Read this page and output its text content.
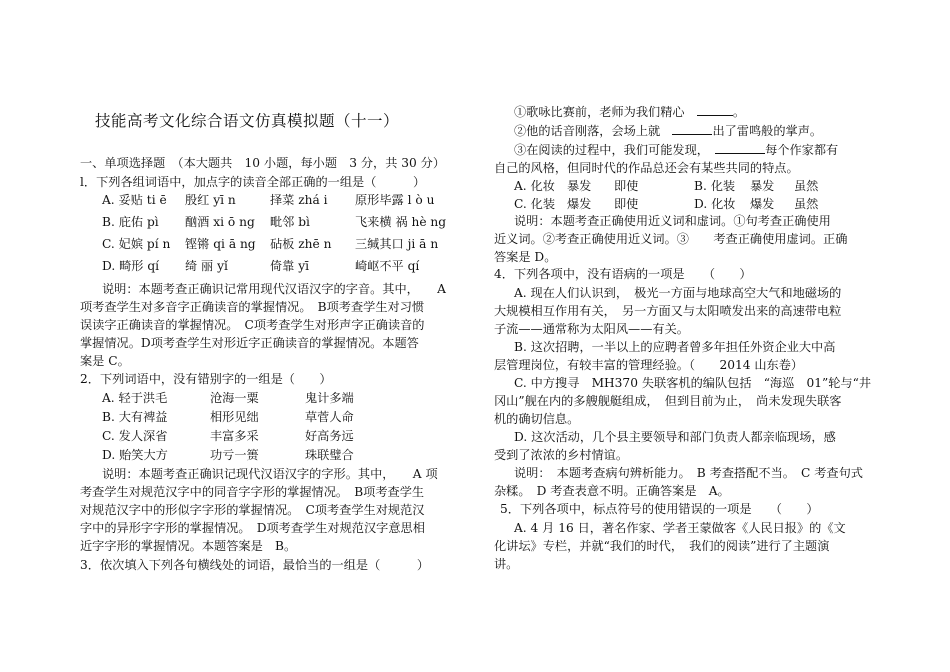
技能高考文化综合语文仿真模拟题（十一）
一、单项选择题　（本大题共　10 小题，每小题　3 分，共 30 分）
l．下列各组词语中，加点字的读音全部正确的一组是（　　　）
A. 妥贴 ti ē 殷红 yī n	择菜 zhá i 原形毕露 l ò u
B. 庇佑 pì 酗酒 xi ō ng 毗邻 bì	飞来横 祸 hè ng
C. 妃嫔 pí n 铿锵 qi ā ng 砧板 zhē n 三缄其口 ji ā n
D. 畸形 qí 绮 丽 yǐ	倚靠 yī	崎岖不平 qí
说明：本题考查正确识记常用现代汉语汉字的字音。其中，　　A
项考查学生对多音字正确读音的掌握情况。　B项考查学生对习惯
误读字正确读音的掌握情况。　C项考查学生对形声字正确读音的
掌握情况。D项考查学生对形近字正确读音的掌握情况。本题答
案是 C。
2．下列词语中，没有错别字的一组是（　　）
A. 轻于洪毛	沧海一粟	鬼计多端
B. 大有裨益	相形见绌	草菅人命
C. 发人深省	丰富多采	好高务远
D. 贻笑大方	功亏一篑	珠联璧合
说明：本题考查正确识记现代汉语汉字的字形。其中，　　A 项
考查学生对规范汉字中的同音字字形的掌握情况。　B项考查学生
对规范汉字中的形似字字形的掌握情况。　C项考查学生对规范汉
字中的异形字字形的掌握情况。　D项考查学生对规范汉字意思相
近字字形的掌握情况。本题答案是　B。
3．依次填入下列各句横线处的词语，最恰当的一组是（　　　）
①歌咏比赛前，老师为我们精心　	。
②他的话音刚落，会场上就　	出了雷鸣般的掌声。
③在阅读的过程中，我们可能发现，　	每个作家都有
自己的风格，但同时代的作品总还会有某些共同的特点。
A. 化妆 暴发 即使	B. 化装 暴发 虽然
C. 化装 爆发 即使	D. 化妆 爆发 虽然
说明：本题考查正确使用近义词和虚词。①句考查正确使用
近义词。②考查正确使用近义词。③　　考查正确使用虚词。正确
答案是 D。
4．下列各项中，没有语病的一项是　　（　　）
A. 现在人们认识到，　极光一方面与地球高空大气和地磁场的
大规模相互作用有关，　另一方面又与太阳喷发出来的高速带电粒
子流——通常称为太阳风——有关。
B. 这次招聘，一半以上的应聘者曾多年担任外资企业大中高
层管理岗位，有较丰富的管理经验。（　　2014 山东卷）
C. 中方搜寻　MH370 失联客机的编队包括　“海巡　01”轮与“井
冈山”舰在内的多艘舰艇组成，　但到目前为止，　尚未发现失联客
机的确切信息。
D. 这次活动，几个县主要领导和部门负责人都亲临现场，感
受到了浓浓的乡村情谊。
说明：　本题考查病句辨析能力。　B 考查搭配不当。　C 考查句式
杂糅。　D 考查表意不明。正确答案是　A。
5．下列各项中，标点符号的使用错误的一项是　　（　　）
A. 4 月 16 日，著名作家、学者王蒙做客《人民日报》的《文
化讲坛》专栏，并就“我们的时代，　我们的阅读”进行了主题演
讲。
